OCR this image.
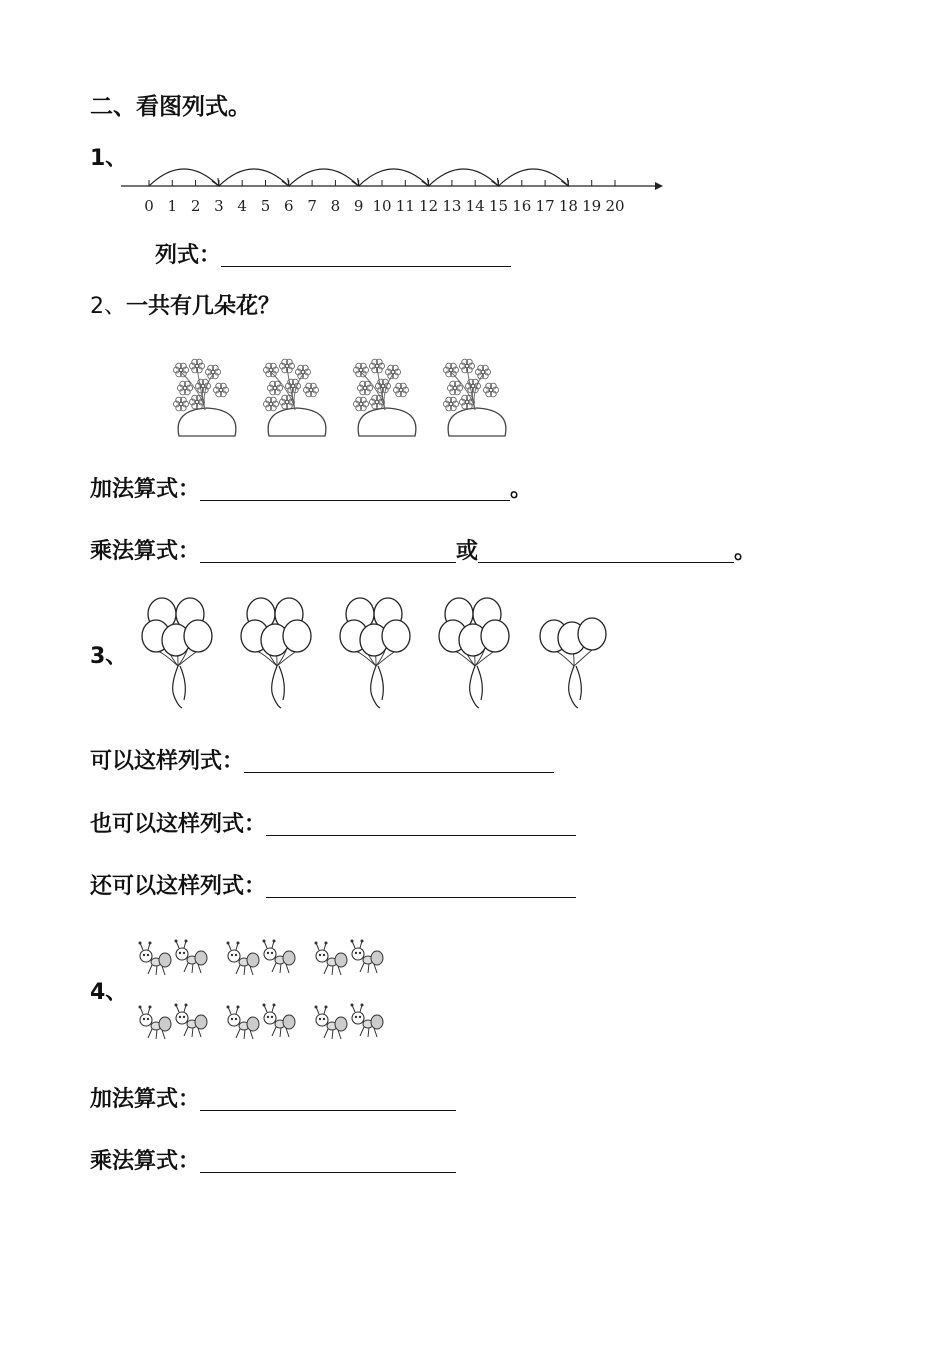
二、看图列式。
1、
0 1 2 3 4 5 6 7 8 9 10 11 12 13 14 15 16 17 18 19 20
列式：
2、 一共有几朵花？
加法算式：	。
乘法算式：	或	。
3、
可以这样列式：
也可以这样列式：
还可以这样列式：
4、
加法算式：
乘法算式：
